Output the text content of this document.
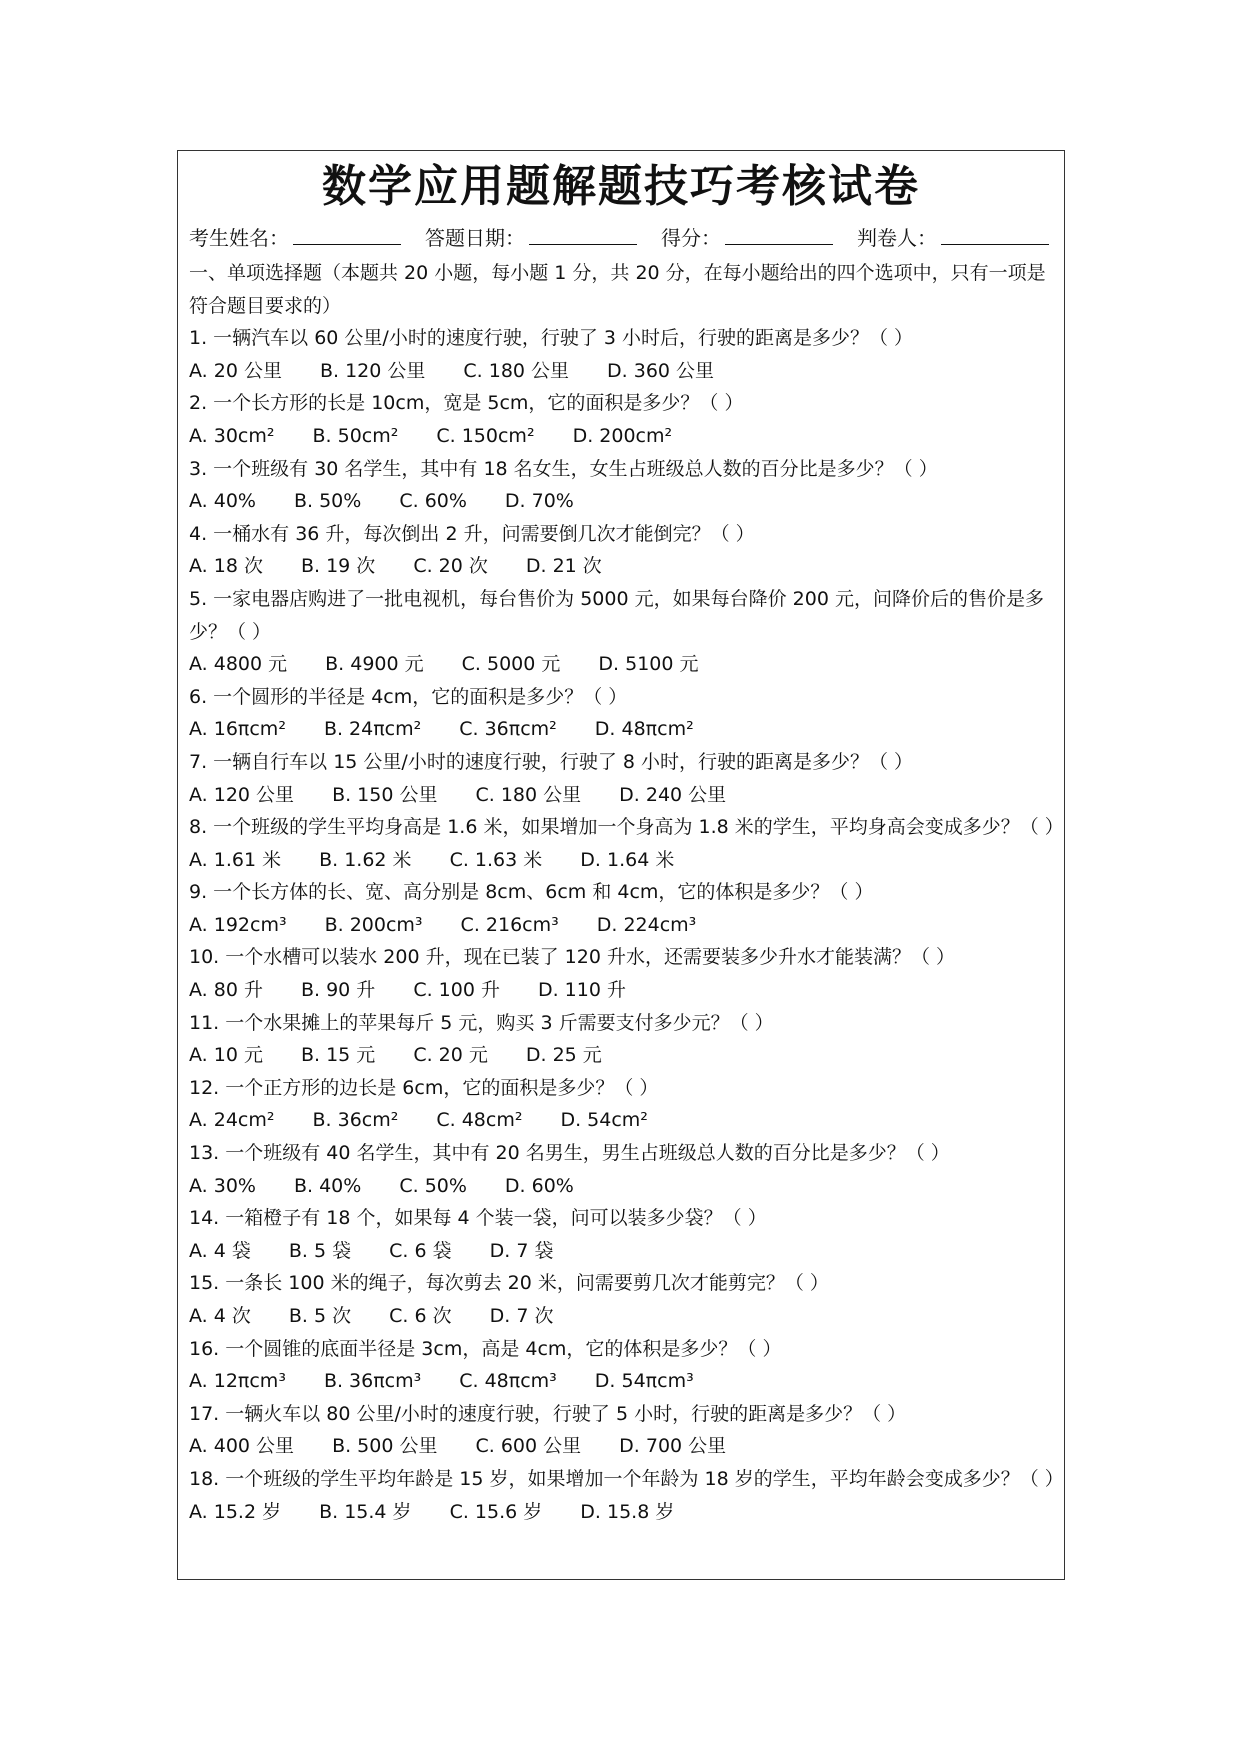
数学应用题解题技巧考核试卷
考生姓名：	答题日期：	得分：	判卷人：
一、单项选择题（本题共 20 小题，每小题 1 分，共 20 分，在每小题给出的四个选项中，只有一项是符合题目要求的）
1. 一辆汽车以 60 公里/小时的速度行驶，行驶了 3 小时后，行驶的距离是多少？（ ）
A. 20 公里 B. 120 公里 C. 180 公里 D. 360 公里
2. 一个长方形的长是 10cm，宽是 5cm，它的面积是多少？（ ）
A. 30cm² B. 50cm² C. 150cm² D. 200cm²
3. 一个班级有 30 名学生，其中有 18 名女生，女生占班级总人数的百分比是多少？（ ）
A. 40% B. 50% C. 60% D. 70%
4. 一桶水有 36 升，每次倒出 2 升，问需要倒几次才能倒完？（ ）
A. 18 次 B. 19 次 C. 20 次 D. 21 次
5. 一家电器店购进了一批电视机，每台售价为 5000 元，如果每台降价 200 元，问降价后的售价是多少？（ ）
A. 4800 元 B. 4900 元 C. 5000 元 D. 5100 元
6. 一个圆形的半径是 4cm，它的面积是多少？（ ）
A. 16πcm² B. 24πcm² C. 36πcm² D. 48πcm²
7. 一辆自行车以 15 公里/小时的速度行驶，行驶了 8 小时，行驶的距离是多少？（ ）
A. 120 公里 B. 150 公里 C. 180 公里 D. 240 公里
8. 一个班级的学生平均身高是 1.6 米，如果增加一个身高为 1.8 米的学生，平均身高会变成多少？（ ）
A. 1.61 米 B. 1.62 米 C. 1.63 米 D. 1.64 米
9. 一个长方体的长、宽、高分别是 8cm、6cm 和 4cm，它的体积是多少？（ ）
A. 192cm³ B. 200cm³ C. 216cm³ D. 224cm³
10. 一个水槽可以装水 200 升，现在已装了 120 升水，还需要装多少升水才能装满？（ ）
A. 80 升 B. 90 升 C. 100 升 D. 110 升
11. 一个水果摊上的苹果每斤 5 元，购买 3 斤需要支付多少元？（ ）
A. 10 元 B. 15 元 C. 20 元 D. 25 元
12. 一个正方形的边长是 6cm，它的面积是多少？（ ）
A. 24cm² B. 36cm² C. 48cm² D. 54cm²
13. 一个班级有 40 名学生，其中有 20 名男生，男生占班级总人数的百分比是多少？（ ）
A. 30% B. 40% C. 50% D. 60%
14. 一箱橙子有 18 个，如果每 4 个装一袋，问可以装多少袋？（ ）
A. 4 袋 B. 5 袋 C. 6 袋 D. 7 袋
15. 一条长 100 米的绳子，每次剪去 20 米，问需要剪几次才能剪完？（ ）
A. 4 次 B. 5 次 C. 6 次 D. 7 次
16. 一个圆锥的底面半径是 3cm，高是 4cm，它的体积是多少？（ ）
A. 12πcm³ B. 36πcm³ C. 48πcm³ D. 54πcm³
17. 一辆火车以 80 公里/小时的速度行驶，行驶了 5 小时，行驶的距离是多少？（ ）
A. 400 公里 B. 500 公里 C. 600 公里 D. 700 公里
18. 一个班级的学生平均年龄是 15 岁，如果增加一个年龄为 18 岁的学生，平均年龄会变成多少？（ ）
A. 15.2 岁 B. 15.4 岁 C. 15.6 岁 D. 15.8 岁
